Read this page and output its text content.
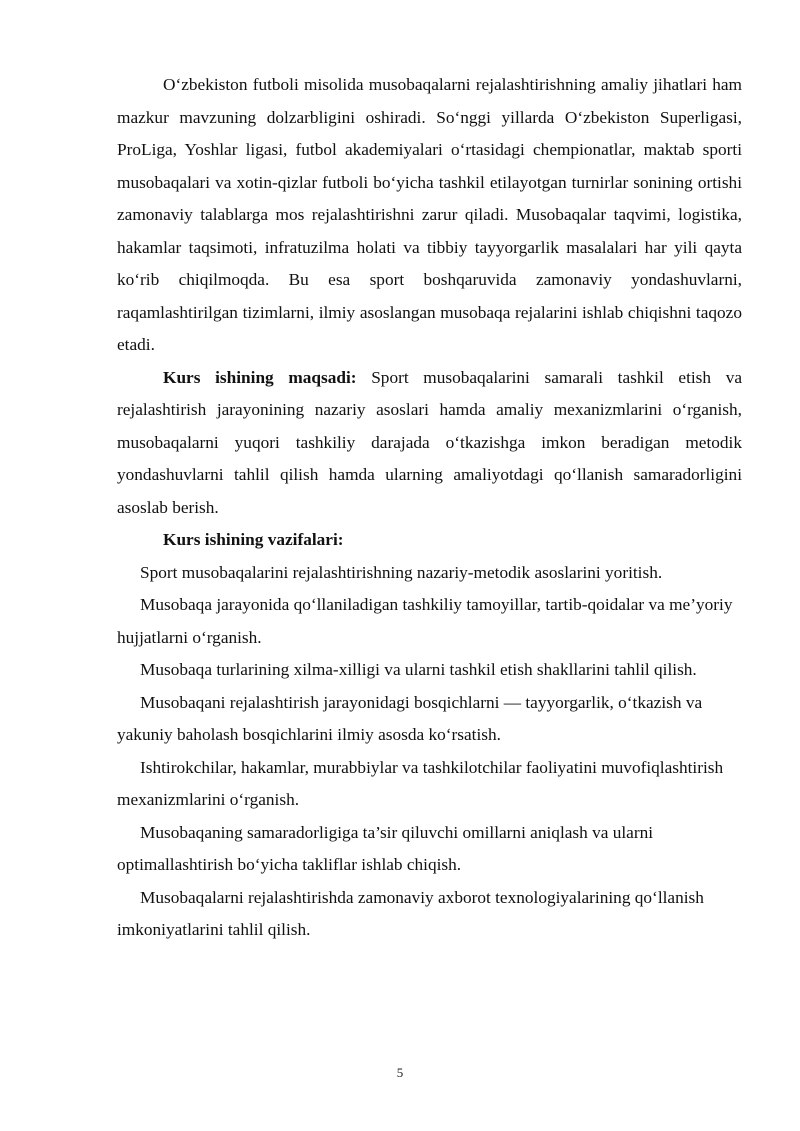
O‘zbekiston futboli misolida musobaqalarni rejalashtirishning amaliy jihatlari ham mazkur mavzuning dolzarbligini oshiradi. So‘nggi yillarda O‘zbekiston Superligasi, ProLiga, Yoshlar ligasi, futbol akademiyalari o‘rtasidagi chempionatlar, maktab sporti musobaqalari va xotin-qizlar futboli bo‘yicha tashkil etilayotgan turnirlar sonining ortishi zamonaviy talablarga mos rejalashtirishni zarur qiladi. Musobaqalar taqvimi, logistika, hakamlar taqsimoti, infratuzilma holati va tibbiy tayyorgarlik masalalari har yili qayta ko‘rib chiqilmoqda. Bu esa sport boshqaruvida zamonaviy yondashuvlarni, raqamlashtirilgan tizimlarni, ilmiy asoslangan musobaqa rejalarini ishlab chiqishni taqozo etadi.

Kurs ishining maqsadi: Sport musobaqalarini samarali tashkil etish va rejalashtirish jarayonining nazariy asoslari hamda amaliy mexanizmlarini o‘rganish, musobaqalarni yuqori tashkiliy darajada o‘tkazishga imkon beradigan metodik yondashuvlarni tahlil qilish hamda ularning amaliyotdagi qo‘llanish samaradorligini asoslab berish.

Kurs ishining vazifalari:

Sport musobaqalarini rejalashtirishning nazariy-metodik asoslarini yoritish.

Musobaqa jarayonida qo‘llaniladigan tashkiliy tamoyillar, tartib-qoidalar va me’yoriy hujjatlarni o‘rganish.

Musobaqa turlarining xilma-xilligi va ularni tashkil etish shakllarini tahlil qilish.

Musobaqani rejalashtirish jarayonidagi bosqichlarni — tayyorgarlik, o‘tkazish va yakuniy baholash bosqichlarini ilmiy asosda ko‘rsatish.

Ishtirokchilar, hakamlar, murabbiylar va tashkilotchilar faoliyatini muvofiqlashtirish mexanizmlarini o‘rganish.

Musobaqaning samaradorligiga ta’sir qiluvchi omillarni aniqlash va ularni optimallashtirish bo‘yicha takliflar ishlab chiqish.

Musobaqalarni rejalashtirishda zamonaviy axborot texnologiyalarining qo‘llanish imkoniyatlarini tahlil qilish.

5
